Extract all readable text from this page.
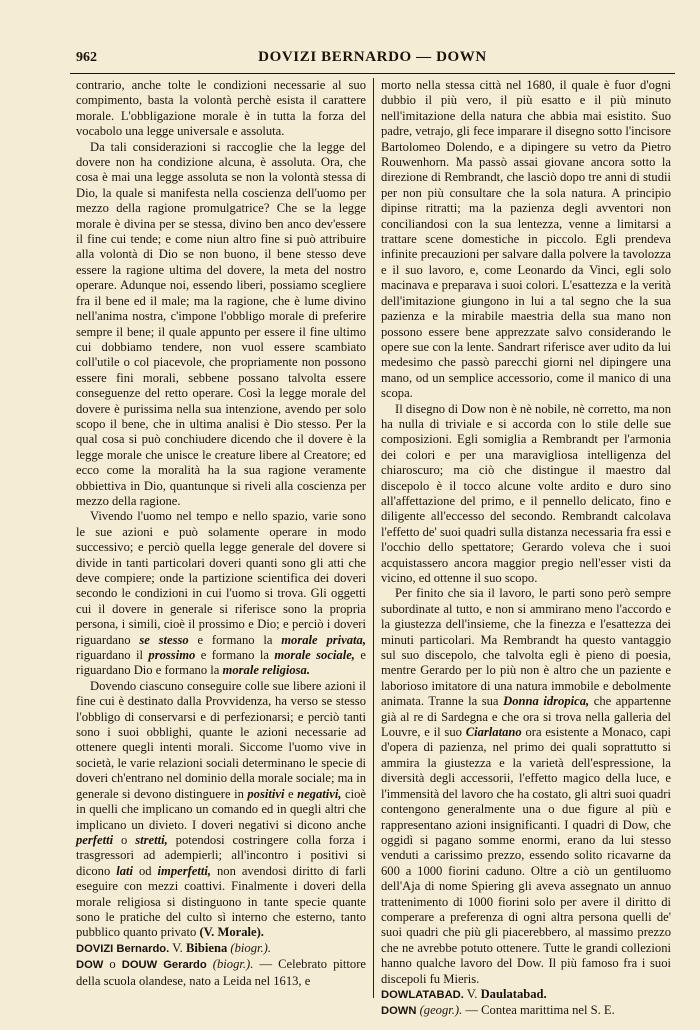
962	DOVIZI BERNARDO — DOWN

contrario, anche tolte le condizioni necessarie al suo compimento, basta la volontà perchè esista il carattere morale. L'obbligazione morale è in tutta la forza del vocabolo una legge universale e assoluta.

Da tali considerazioni si raccoglie che la legge del dovere non ha condizione alcuna, è assoluta. Ora, che cosa è mai una legge assoluta se non la volontà stessa di Dio, la quale si manifesta nella coscienza dell'uomo per mezzo della ragione promulgatrice? Che se la legge morale è divina per se stessa, divino ben anco dev'essere il fine cui tende; e come niun altro fine si può attribuire alla volontà di Dio se non buono, il bene stesso deve essere la ragione ultima del dovere, la meta del nostro operare. Adunque noi, essendo liberi, possiamo scegliere fra il bene ed il male; ma la ragione, che è lume divino nell'anima nostra, c'impone l'obbligo morale di preferire sempre il bene; il quale appunto per essere il fine ultimo cui dobbiamo tendere, non vuol essere scambiato coll'utile o col piacevole, che propriamente non possono essere fini morali, sebbene possano talvolta essere conseguenze del retto operare. Così la legge morale del dovere è purissima nella sua intenzione, avendo per solo scopo il bene, che in ultima analisi è Dio stesso. Per la qual cosa si può conchiudere dicendo che il dovere è la legge morale che unisce le creature libere al Creatore; ed ecco come la moralità ha la sua ragione veramente obbiettiva in Dio, quantunque si riveli alla coscienza per mezzo della ragione.

Vivendo l'uomo nel tempo e nello spazio, varie sono le sue azioni e può solamente operare in modo successivo; e perciò quella legge generale del dovere si divide in tanti particolari doveri quanti sono gli atti che deve compiere; onde la partizione scientifica dei doveri secondo le condizioni in cui l'uomo si trova. Gli oggetti cui il dovere in generale si riferisce sono la propria persona, i simili, cioè il prossimo e Dio; e perciò i doveri riguardano se stesso e formano la morale privata, riguardano il prossimo e formano la morale sociale, e riguardano Dio e formano la morale religiosa.

Dovendo ciascuno conseguire colle sue libere azioni il fine cui è destinato dalla Provvidenza, ha verso se stesso l'obbligo di conservarsi e di perfezionarsi; e perciò tanti sono i suoi obblighi, quante le azioni necessarie ad ottenere quegli intenti morali. Siccome l'uomo vive in società, le varie relazioni sociali determinano le specie di doveri ch'entrano nel dominio della morale sociale; ma in generale si devono distinguere in positivi e negativi, cioè in quelli che implicano un comando ed in quegli altri che implicano un divieto. I doveri negativi si dicono anche perfetti o stretti, potendosi costringere colla forza i trasgressori ad adempierli; all'incontro i positivi si dicono lati od imperfetti, non avendosi diritto di farli eseguire con mezzi coattivi. Finalmente i doveri della morale religiosa si distinguono in tante specie quante sono le pratiche del culto sì interno che esterno, tanto pubblico quanto privato (V. Morale).

DOVIZI Bernardo. V. Bibiena (biogr.).

DOW o DOUW Gerardo (biogr.). — Celebrato pittore della scuola olandese, nato a Leida nel 1613, e

morto nella stessa città nel 1680, il quale è fuor d'ogni dubbio il più vero, il più esatto e il più minuto nell'imitazione della natura che abbia mai esistito. Suo padre, vetrajo, gli fece imparare il disegno sotto l'incisore Bartolomeo Dolendo, e a dipingere su vetro da Pietro Rouwenhorn. Ma passò assai giovane ancora sotto la direzione di Rembrandt, che lasciò dopo tre anni di studii per non più consultare che la sola natura. A principio dipinse ritratti; ma la pazienza degli avventori non conciliandosi con la sua lentezza, venne a limitarsi a trattare scene domestiche in piccolo. Egli prendeva infinite precauzioni per salvare dalla polvere la tavolozza e il suo lavoro, e, come Leonardo da Vinci, egli solo macinava e preparava i suoi colori. L'esattezza e la verità dell'imitazione giungono in lui a tal segno che la sua pazienza e la mirabile maestria della sua mano non possono essere bene apprezzate salvo considerando le opere sue con la lente. Sandrart riferisce aver udito da lui medesimo che passò parecchi giorni nel dipingere una mano, od un semplice accessorio, come il manico di una scopa.

Il disegno di Dow non è nè nobile, nè corretto, ma non ha nulla di triviale e si accorda con lo stile delle sue composizioni. Egli somiglia a Rembrandt per l'armonia dei colori e per una maravigliosa intelligenza del chiaroscuro; ma ciò che distingue il maestro dal discepolo è il tocco alcune volte ardito e duro sino all'affettazione del primo, e il pennello delicato, fino e diligente all'eccesso del secondo. Rembrandt calcolava l'effetto de' suoi quadri sulla distanza necessaria fra essi e l'occhio dello spettatore; Gerardo voleva che i suoi acquistassero ancora maggior pregio nell'esser visti da vicino, ed ottenne il suo scopo.

Per finito che sia il lavoro, le parti sono però sempre subordinate al tutto, e non si ammirano meno l'accordo e la giustezza dell'insieme, che la finezza e l'esattezza dei minuti particolari. Ma Rembrandt ha questo vantaggio sul suo discepolo, che talvolta egli è pieno di poesia, mentre Gerardo per lo più non è altro che un paziente e laborioso imitatore di una natura immobile e debolmente animata. Tranne la sua Donna idropica, che appartenne già al re di Sardegna e che ora si trova nella galleria del Louvre, e il suo Ciarlatano ora esistente a Monaco, capi d'opera di pazienza, nel primo dei quali soprattutto si ammira la giustezza e la varietà dell'espressione, la diversità degli accessorii, l'effetto magico della luce, e l'immensità del lavoro che ha costato, gli altri suoi quadri contengono generalmente una o due figure al più e rappresentano azioni insignificanti. I quadri di Dow, che oggidì si pagano somme enormi, erano da lui stesso venduti a carissimo prezzo, essendo solito ricavarne da 600 a 1000 fiorini caduno. Oltre a ciò un gentiluomo dell'Aja di nome Spiering gli aveva assegnato un annuo trattenimento di 1000 fiorini solo per avere il diritto di comperare a preferenza di ogni altra persona quelli de' suoi quadri che più gli piacerebbero, al massimo prezzo che ne avrebbe potuto ottenere. Tutte le grandi collezioni hanno qualche lavoro del Dow. Il più famoso fra i suoi discepoli fu Mieris.

DOWLATABAD. V. Daulatabad.

DOWN (geogr.). — Contea marittima nel S. E.
